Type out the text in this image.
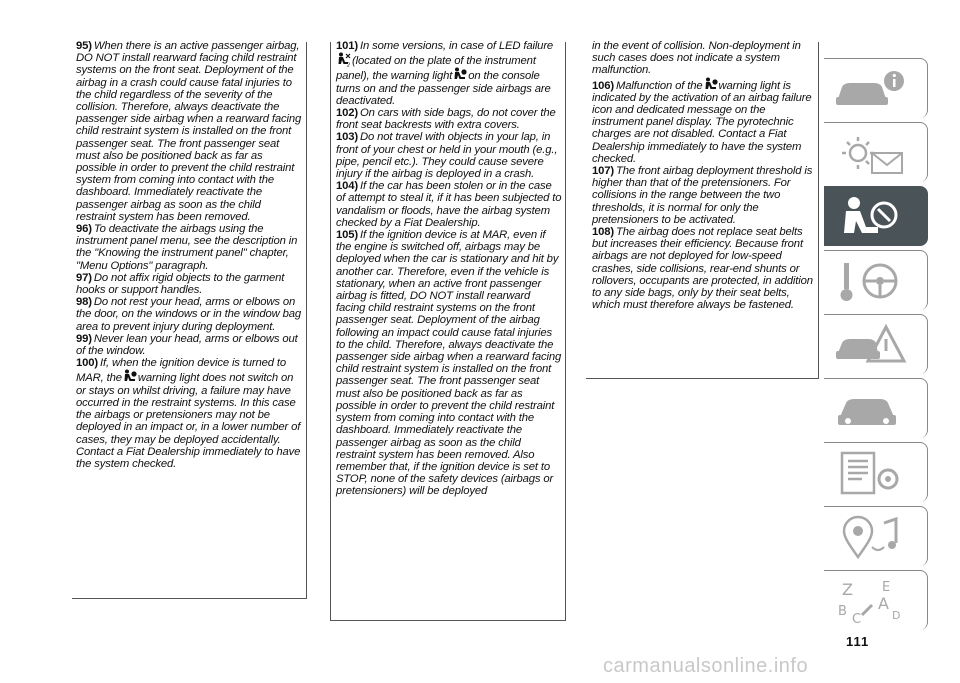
95) When there is an active passenger airbag, DO NOT install rearward facing child restraint systems on the front seat. Deployment of the airbag in a crash could cause fatal injuries to the child regardless of the severity of the collision. Therefore, always deactivate the passenger side airbag when a rearward facing child restraint system is installed on the front passenger seat. The front passenger seat must also be positioned back as far as possible in order to prevent the child restraint system from coming into contact with the dashboard. Immediately reactivate the passenger airbag as soon as the child restraint system has been removed.

96) To deactivate the airbags using the instrument panel menu, see the description in the "Knowing the instrument panel" chapter, "Menu Options" paragraph.

97) Do not affix rigid objects to the garment hooks or support handles.

98) Do not rest your head, arms or elbows on the door, on the windows or in the window bag area to prevent injury during deployment.

99) Never lean your head, arms or elbows out of the window.

100) If, when the ignition device is turned to MAR, the warning light does not switch on or stays on whilst driving, a failure may have occurred in the restraint systems. In this case the airbags or pretensioners may not be deployed in an impact or, in a lower number of cases, they may be deployed accidentally. Contact a Fiat Dealership immediately to have the system checked.

101) In some versions, in case of LED failure
2 (located on the plate of the instrument panel), the warning light on the console turns on and the passenger side airbags are deactivated.

102) On cars with side bags, do not cover the front seat backrests with extra covers.

103) Do not travel with objects in your lap, in front of your chest or held in your mouth (e.g., pipe, pencil etc.). They could cause severe injury if the airbag is deployed in a crash.

104) If the car has been stolen or in the case of attempt to steal it, if it has been subjected to vandalism or floods, have the airbag system checked by a Fiat Dealership.

105) If the ignition device is at MAR, even if the engine is switched off, airbags may be deployed when the car is stationary and hit by another car. Therefore, even if the vehicle is stationary, when an active front passenger airbag is fitted, DO NOT install rearward facing child restraint systems on the front passenger seat. Deployment of the airbag following an impact could cause fatal injuries to the child. Therefore, always deactivate the passenger side airbag when a rearward facing child restraint system is installed on the front passenger seat. The front passenger seat must also be positioned back as far as possible in order to prevent the child restraint system from coming into contact with the dashboard. Immediately reactivate the passenger airbag as soon as the child restraint system has been removed. Also remember that, if the ignition device is set to STOP, none of the safety devices (airbags or pretensioners) will be deployed

in the event of collision. Non-deployment in such cases does not indicate a system malfunction.

106) Malfunction of the warning light is indicated by the activation of an airbag failure icon and dedicated message on the instrument panel display. The pyrotechnic charges are not disabled. Contact a Fiat Dealership immediately to have the system checked.

107) The front airbag deployment threshold is higher than that of the pretensioners. For collisions in the range between the two thresholds, it is normal for only the pretensioners to be activated.

108) The airbag does not replace seat belts but increases their efficiency. Because front airbags are not deployed for low-speed crashes, side collisions, rear-end shunts or rollovers, occupants are protected, in addition to any side bags, only by their seat belts, which must therefore always be fastened.

Z E
B A
C	D
111
carmanualsonline.info
